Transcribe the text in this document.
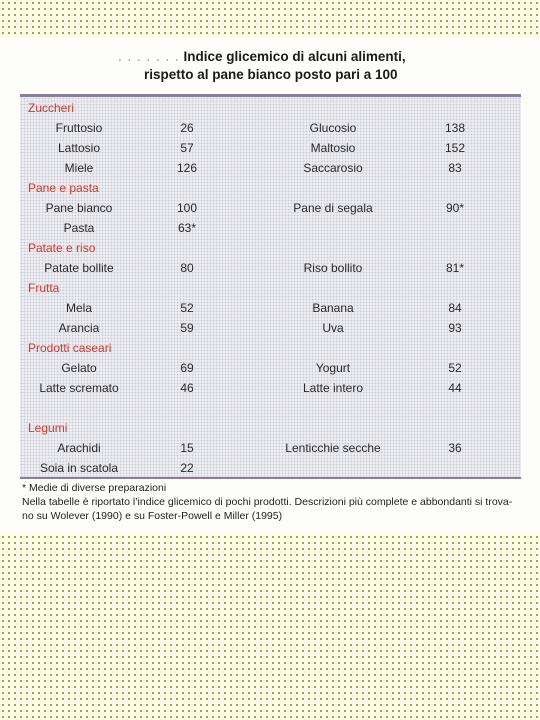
. . . . . . . Indice glicemico di alcuni alimenti,
rispetto al pane bianco posto pari a 100
Zuccheri
Fruttosio	26	Glucosio	138
Lattosio	57	Maltosio	152
Miele	126	Saccarosio	83
Pane e pasta
Pane bianco	100	Pane di segala	90*
Pasta	63*
Patate e riso
Patate bollite	80	Riso bollito	81*
Frutta
Mela	52	Banana	84
Arancia	59	Uva	93
Prodotti caseari
Gelato	69	Yogurt	52
Latte scremato	46	Latte intero	44
Legumi
Arachidi	15	Lenticchie secche	36
Soia in scatola	22

* Medie di diverse preparazioni

Nella tabelle è riportato l’indice glicemico di pochi prodotti. Descrizioni più complete e abbondanti si trova-

no su Wolever (1990) e su Foster-Powell e Miller (1995)
